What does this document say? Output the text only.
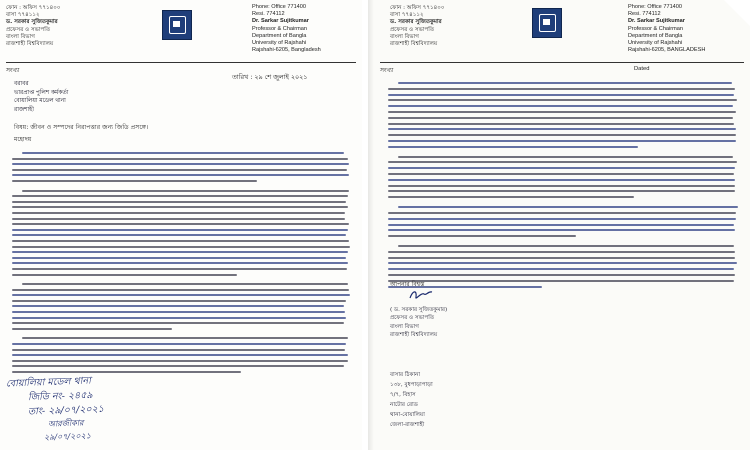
ফোন : অফিস ৭৭১৪০০
বাসা ৭৭৪১১২
ড. সরকার সুজিতকুমার
প্রফেসর ও সভাপতি
বাংলা বিভাগ
রাজশাহী বিশ্ববিদ্যালয়
Phone: Office 771400
Resi. 774112
Dr. Sarkar Sujitkumar
Professor & Chairman
Department of Bangla
University of Rajshahi
Rajshahi-6205, Bangladesh
সংখ্যা
তারিখ : ২৯ শে জুলাই ২০২১
বরাবর
ভারপ্রাপ্ত পুলিশ কর্মকর্তা
বোয়ালিয়া মডেল থানা
রাজশাহী
বিষয়: জীবন ও সম্পদের নিরাপত্তার জন্য জিডি প্রসঙ্গে।
মহোদয়
বোয়ালিয়া মডেল থানা
জিডি নং- ২৪৫৯
তাং- ২৯/০৭/২০২১
আরজীকার
২৯/০৭/২০২১
ফোন : অফিস ৭৭১৪০০
বাসা ৭৭৪১১২
ড. সরকার সুজিতকুমার
প্রফেসর ও সভাপতি
বাংলা বিভাগ
রাজশাহী বিশ্ববিদ্যালয়
Phone: Office 771400
Resi. 774112
Dr. Sarkar Sujitkumar
Professor & Chairman
Department of Bangla
University of Rajshahi
Rajshahi-6205, BANGLADESH
সংখ্যা	Dated
আপনার বিশ্বস্ত
( ড. সরকার সুজিতকুমার)
প্রফেসর ও সভাপতি
বাংলা বিভাগ
রাজশাহী বিশ্ববিদ্যালয়
বাসার ঠিকানা
১৩৮, বুধপাড়াপাড়া
৭/৭, বিহাস
নাটোর রোড
থানা-বোয়ালিয়া
জেলা-রাজশাহী
